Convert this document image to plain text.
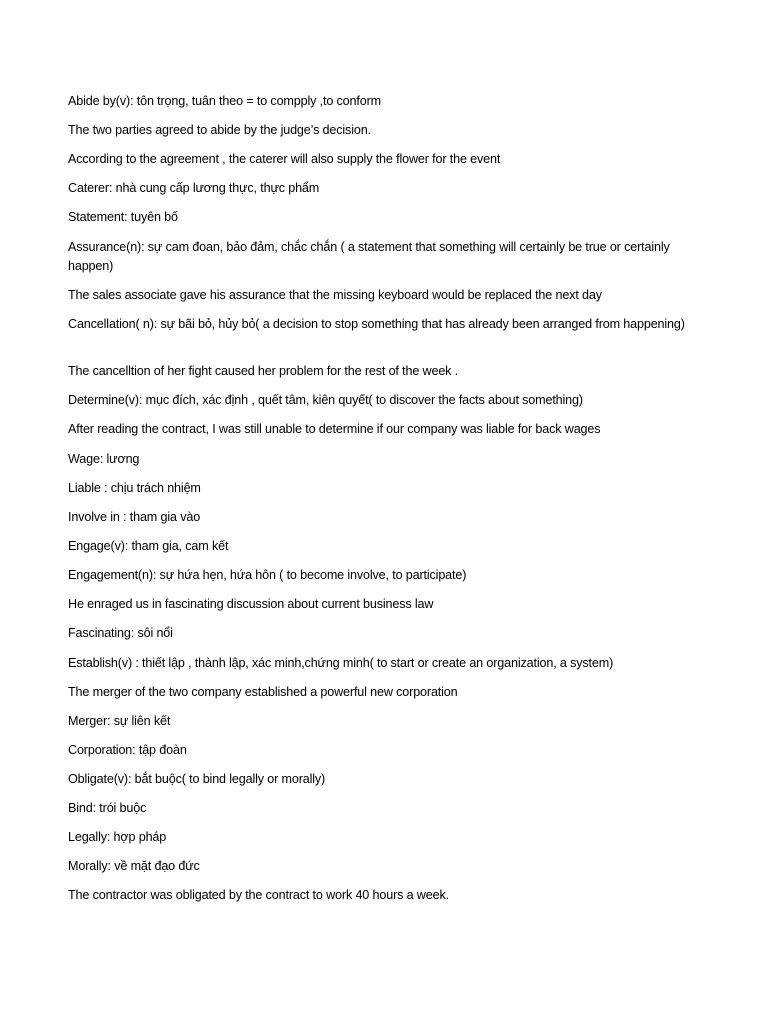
Abide by(v): tôn trọng, tuân theo = to compply ,to conform
The two parties agreed to abide by the judge’s decision.
According to the agreement , the caterer will also supply the flower for the event
Caterer: nhà cung cấp lương thực, thực phẩm
Statement: tuyên bố
Assurance(n): sự cam đoan, bảo đảm, chắc chắn ( a statement that something will certainly be true or certainly happen)
The sales associate gave his assurance that the missing keyboard would be replaced the next day
Cancellation( n): sự bãi bỏ, hủy bỏ( a decision to stop something that has already been arranged from happening)
The cancelltion of her fight caused her problem for the rest of the week .
Determine(v): mục đích, xác định , quết tâm, kiên quyết( to discover the facts about something)
After reading the contract, I was still unable to determine if our company was liable for back wages
Wage: lương
Liable : chịu trách nhiệm
Involve in : tham gia vào
Engage(v): tham gia, cam kết
Engagement(n): sự hứa hẹn, hứa hôn ( to become involve, to participate)
He enraged us in fascinating discussion about current business law
Fascinating: sôi nổi
Establish(v) : thiết lập , thành lập, xác minh,chứng minh( to start or create an organization, a system)
The merger of the two company established a powerful new corporation
Merger: sự liên kết
Corporation: tập đoàn
Obligate(v): bắt buộc( to bind legally or morally)
Bind: trói buộc
Legally: hợp pháp
Morally: về mặt đạo đức
The contractor was obligated by the contract to work 40 hours a week.
